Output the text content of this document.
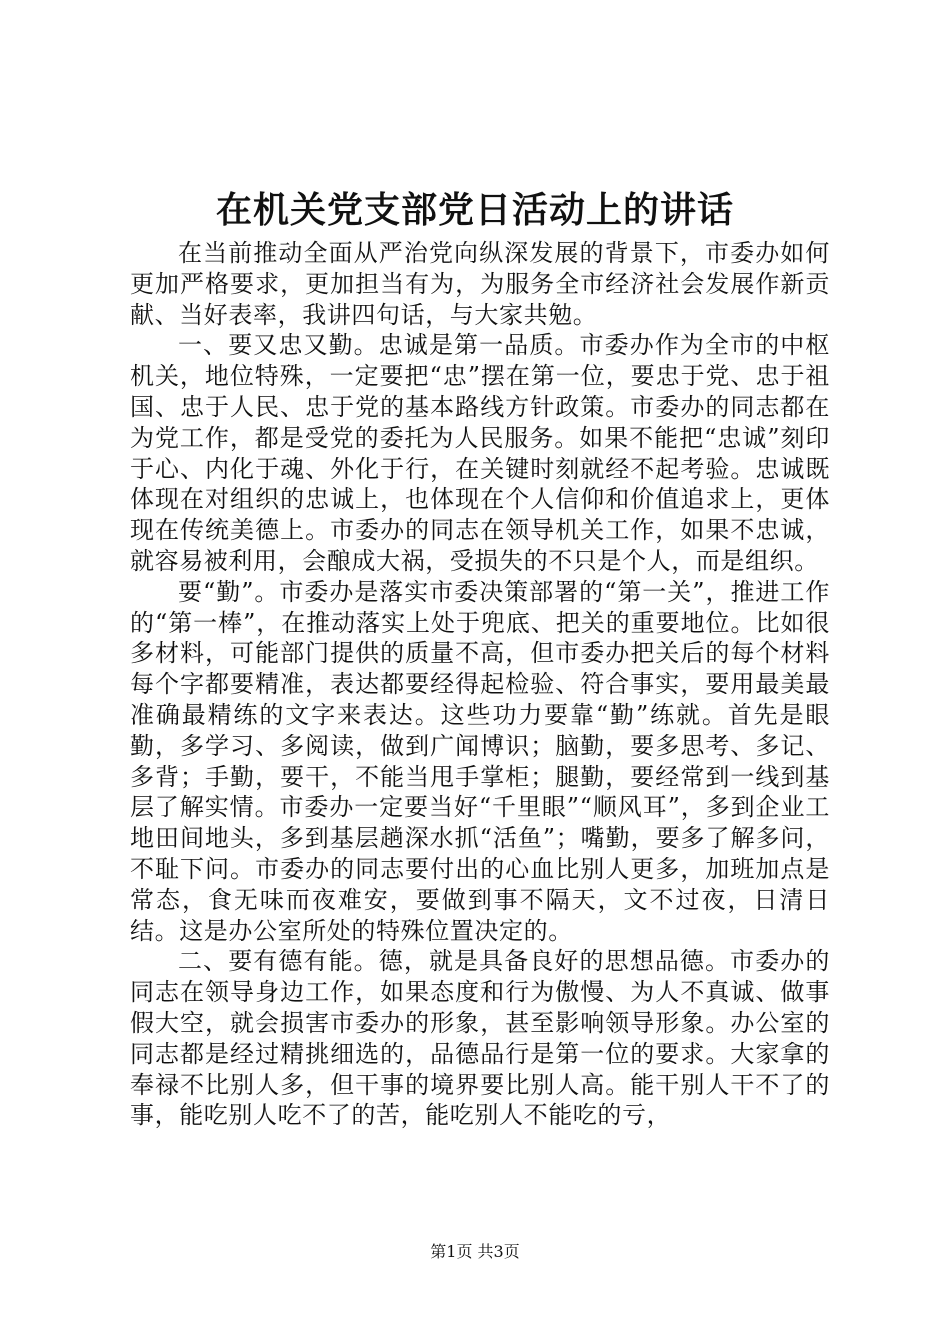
在机关党支部党日活动上的讲话

在当前推动全面从严治党向纵深发展的背景下，市委办如何更加严格要求，更加担当有为，为服务全市经济社会发展作新贡献、当好表率，我讲四句话，与大家共勉。

一、要又忠又勤。忠诚是第一品质。市委办作为全市的中枢机关，地位特殊，一定要把“忠”摆在第一位，要忠于党、忠于祖国、忠于人民、忠于党的基本路线方针政策。市委办的同志都在为党工作，都是受党的委托为人民服务。如果不能把“忠诚”刻印于心、内化于魂、外化于行，在关键时刻就经不起考验。忠诚既体现在对组织的忠诚上，也体现在个人信仰和价值追求上，更体现在传统美德上。市委办的同志在领导机关工作，如果不忠诚，就容易被利用，会酿成大祸，受损失的不只是个人，而是组织。

要“勤”。市委办是落实市委决策部署的“第一关”，推进工作的“第一棒”，在推动落实上处于兜底、把关的重要地位。比如很多材料，可能部门提供的质量不高，但市委办把关后的每个材料每个字都要精准，表达都要经得起检验、符合事实，要用最美最准确最精练的文字来表达。这些功力要靠“勤”练就。首先是眼勤，多学习、多阅读，做到广闻博识；脑勤，要多思考、多记、多背；手勤，要干，不能当甩手掌柜；腿勤，要经常到一线到基层了解实情。市委办一定要当好“千里眼”“顺风耳”，多到企业工地田间地头，多到基层趟深水抓“活鱼”；嘴勤，要多了解多问，不耻下问。市委办的同志要付出的心血比别人更多，加班加点是常态，食无味而夜难安，要做到事不隔天，文不过夜，日清日结。这是办公室所处的特殊位置决定的。

二、要有德有能。德，就是具备良好的思想品德。市委办的同志在领导身边工作，如果态度和行为傲慢、为人不真诚、做事假大空，就会损害市委办的形象，甚至影响领导形象。办公室的同志都是经过精挑细选的，品德品行是第一位的要求。大家拿的奉禄不比别人多，但干事的境界要比别人高。能干别人干不了的事，能吃别人吃不了的苦，能吃别人不能吃的亏，

第1页 共3页
